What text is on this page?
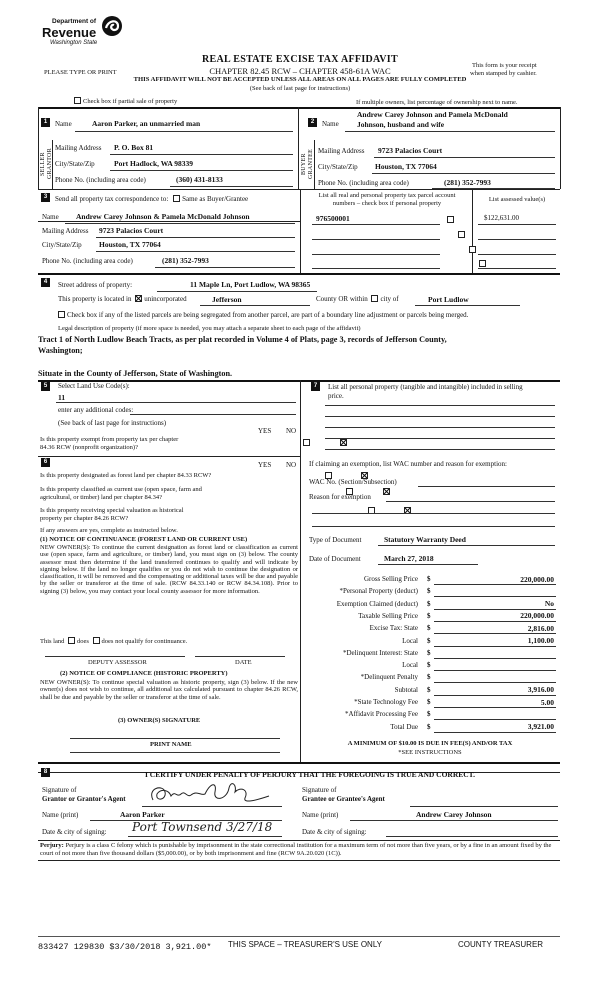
Department of
Revenue
Washington State
REAL ESTATE EXCISE TAX AFFIDAVIT
CHAPTER 82.45 RCW – CHAPTER 458-61A WAC
THIS AFFIDAVIT WILL NOT BE ACCEPTED UNLESS ALL AREAS ON ALL PAGES ARE FULLY COMPLETED
(See back of last page for instructions)
PLEASE TYPE OR PRINT
This form is your receipt
when stamped by cashier.
Check box if partial sale of property	If multiple owners, list percentage of ownership next to name.
1
SELLER GRANTOR
Name	Aaron Parker, an unmarried man
Mailing Address P. O. Box 81
City/State/Zip	Port Hadlock, WA 98339
Phone No. (including area code)	(360) 431-8133
2
BUYER GRANTEE
Name
Andrew Carey Johnson and Pamela McDonald
Johnson, husband and wife
Mailing Address 9723 Palacios Court
City/State/Zip Houston, TX 77064
Phone No. (including area code)	(281) 352-7993
3	Send all property tax correspondence to: Same as Buyer/Grantee
Name Andrew Carey Johnson & Pamela McDonald Johnson
Mailing Address 9723 Palacios Court
City/State/Zip Houston, TX 77064
Phone No. (including area code)	(281) 352-7993
List all real and personal property tax parcel account
numbers – check box if personal property
List assessed value(s)
976500001	$122,631.00

4	Street address of property:	11 Maple Ln, Port Ludlow, WA 98365
This property is located in unincorporated	Jefferson	County OR within city of	Port Ludlow
Check box if any of the listed parcels are being segregated from another parcel, are part of a boundary line adjustment or parcels being merged.
Legal description of property (if more space is needed, you may attach a separate sheet to each page of the affidavit)
Tract 1 of North Ludlow Beach Tracts, as per plat recorded in Volume 4 of Plats, page 3, records of Jefferson County,
Washington;
Situate in the County of Jefferson, State of Washington.
5	Select Land Use Code(s):
11
enter any additional codes:
(See back of last page for instructions)
YES NO
Is this property exempt from property tax per chapter
84.36 RCW (nonprofit organization)?

6	YES NO
Is this property designated as forest land per chapter 84.33 RCW?

Is this property classified as current use (open space, farm and
agricultural, or timber) land per chapter 84.34?

Is this property receiving special valuation as historical
property per chapter 84.26 RCW?

If any answers are yes, complete as instructed below.
(1) NOTICE OF CONTINUANCE (FOREST LAND OR CURRENT USE)
NEW OWNER(S): To continue the current designation as forest land or classification as current use (open space, farm and agriculture, or timber) land, you must sign on (3) below. The county assessor must then determine if the land transferred continues to qualify and will indicate by signing below. If the land no longer qualifies or you do not wish to continue the designation or classification, it will be removed and the compensating or additional taxes will be due and payable by the seller or transferor at the time of sale. (RCW 84.33.140 or RCW 84.34.108). Prior to signing (3) below, you may contact your local county assessor for more information.
This land does does not qualify for continuance.
DEPUTY ASSESSOR	DATE
(2) NOTICE OF COMPLIANCE (HISTORIC PROPERTY)
NEW OWNER(S): To continue special valuation as historic property, sign (3) below. If the new owner(s) does not wish to continue, all additional tax calculated pursuant to chapter 84.26 RCW, shall be due and payable by the seller or transferor at the time of sale.
(3) OWNER(S) SIGNATURE
PRINT NAME
7	List all personal property (tangible and intangible) included in selling
price.
If claiming an exemption, list WAC number and reason for exemption:
WAC No. (Section/Subsection)
Reason for exemption
Type of Document	Statutory Warranty Deed
Date of Document	March 27, 2018
Gross Selling Price $	220,000.00
*Personal Property (deduct) $
Exemption Claimed (deduct) $	No
Taxable Selling Price $	220,000.00
Excise Tax: State $	2,816.00
Local $	1,100.00
*Delinquent Interest: State $
Local $
*Delinquent Penalty $
Subtotal $	3,916.00
*State Technology Fee $	5.00
*Affidavit Processing Fee $
Total Due $	3,921.00
A MINIMUM OF $10.00 IS DUE IN FEE(S) AND/OR TAX
*SEE INSTRUCTIONS
8	I CERTIFY UNDER PENALTY OF PERJURY THAT THE FOREGOING IS TRUE AND CORRECT.
Signature of
Grantor or Grantor's Agent
Signature of
Grantee or Grantee's Agent
Name (print)	Aaron Parker	Name (print)	Andrew Carey Johnson
Date & city of signing: Port Townsend 3/27/18	Date & city of signing:
Perjury: Perjury is a class C felony which is punishable by imprisonment in the state correctional institution for a maximum term of not more than five years, or by a fine in an amount fixed by the court of not more than five thousand dollars ($5,000.00), or by both imprisonment and fine (RCW 9A.20.020 (1C)).
833427 129830 $3/30/2018 3,921.00* THIS SPACE – TREASURER'S USE ONLY	COUNTY TREASURER
